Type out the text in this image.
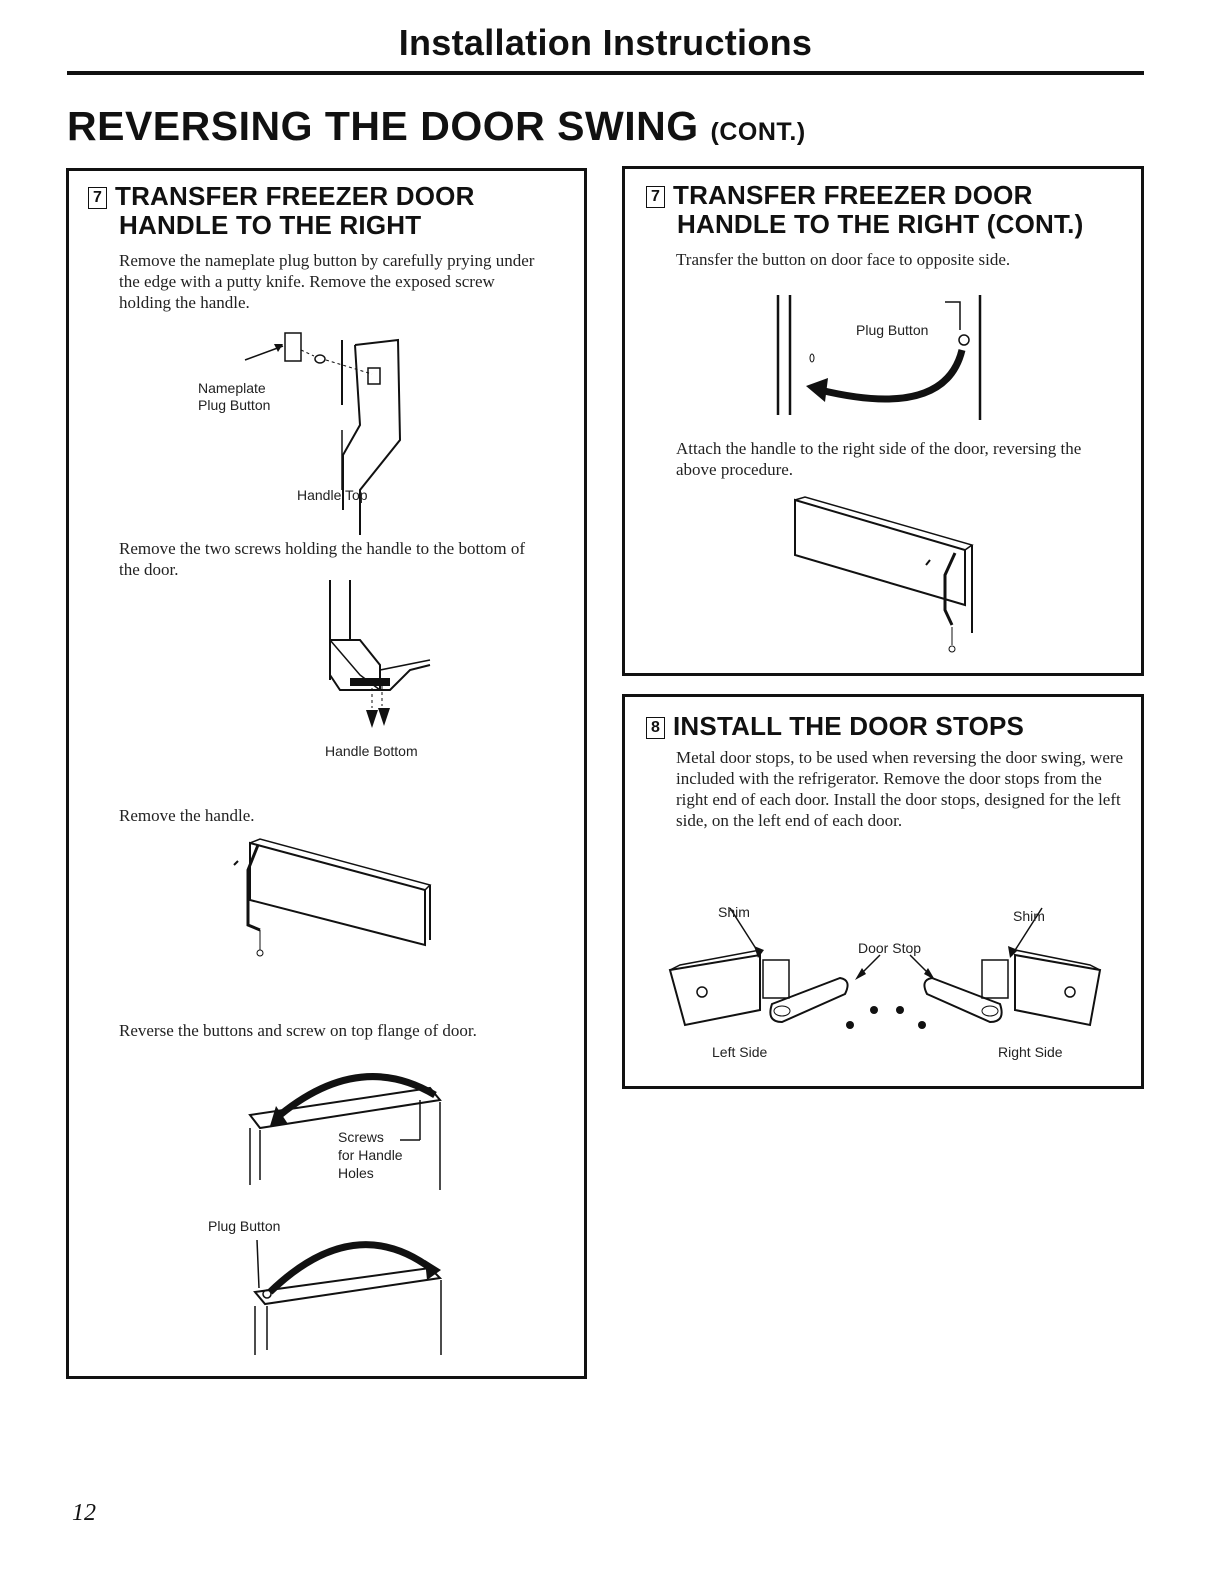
Installation Instructions
REVERSING THE DOOR SWING (CONT.)
7 TRANSFER FREEZER DOOR
HANDLE TO THE RIGHT
Remove the nameplate plug button by carefully prying under the edge with a putty knife. Remove the exposed screw holding the handle.
Nameplate
Plug Button
Handle Top
Remove the two screws holding the handle to the bottom of the door.
Handle Bottom
Remove the handle.
Reverse the buttons and screw on top flange of door.
Screws
for Handle
Holes
Plug Button
7 TRANSFER FREEZER DOOR
HANDLE TO THE RIGHT (CONT.)
Transfer the button on door face to opposite side.
Plug Button
Attach the handle to the right side of the door, reversing the above procedure.
8 INSTALL THE DOOR STOPS
Metal door stops, to be used when reversing the door swing, were included with the refrigerator. Remove the door stops from the right end of each door. Install the door stops, designed for the left side, on the left end of each door.
Shim	Shim
Door Stop
Left Side	Right Side
12
